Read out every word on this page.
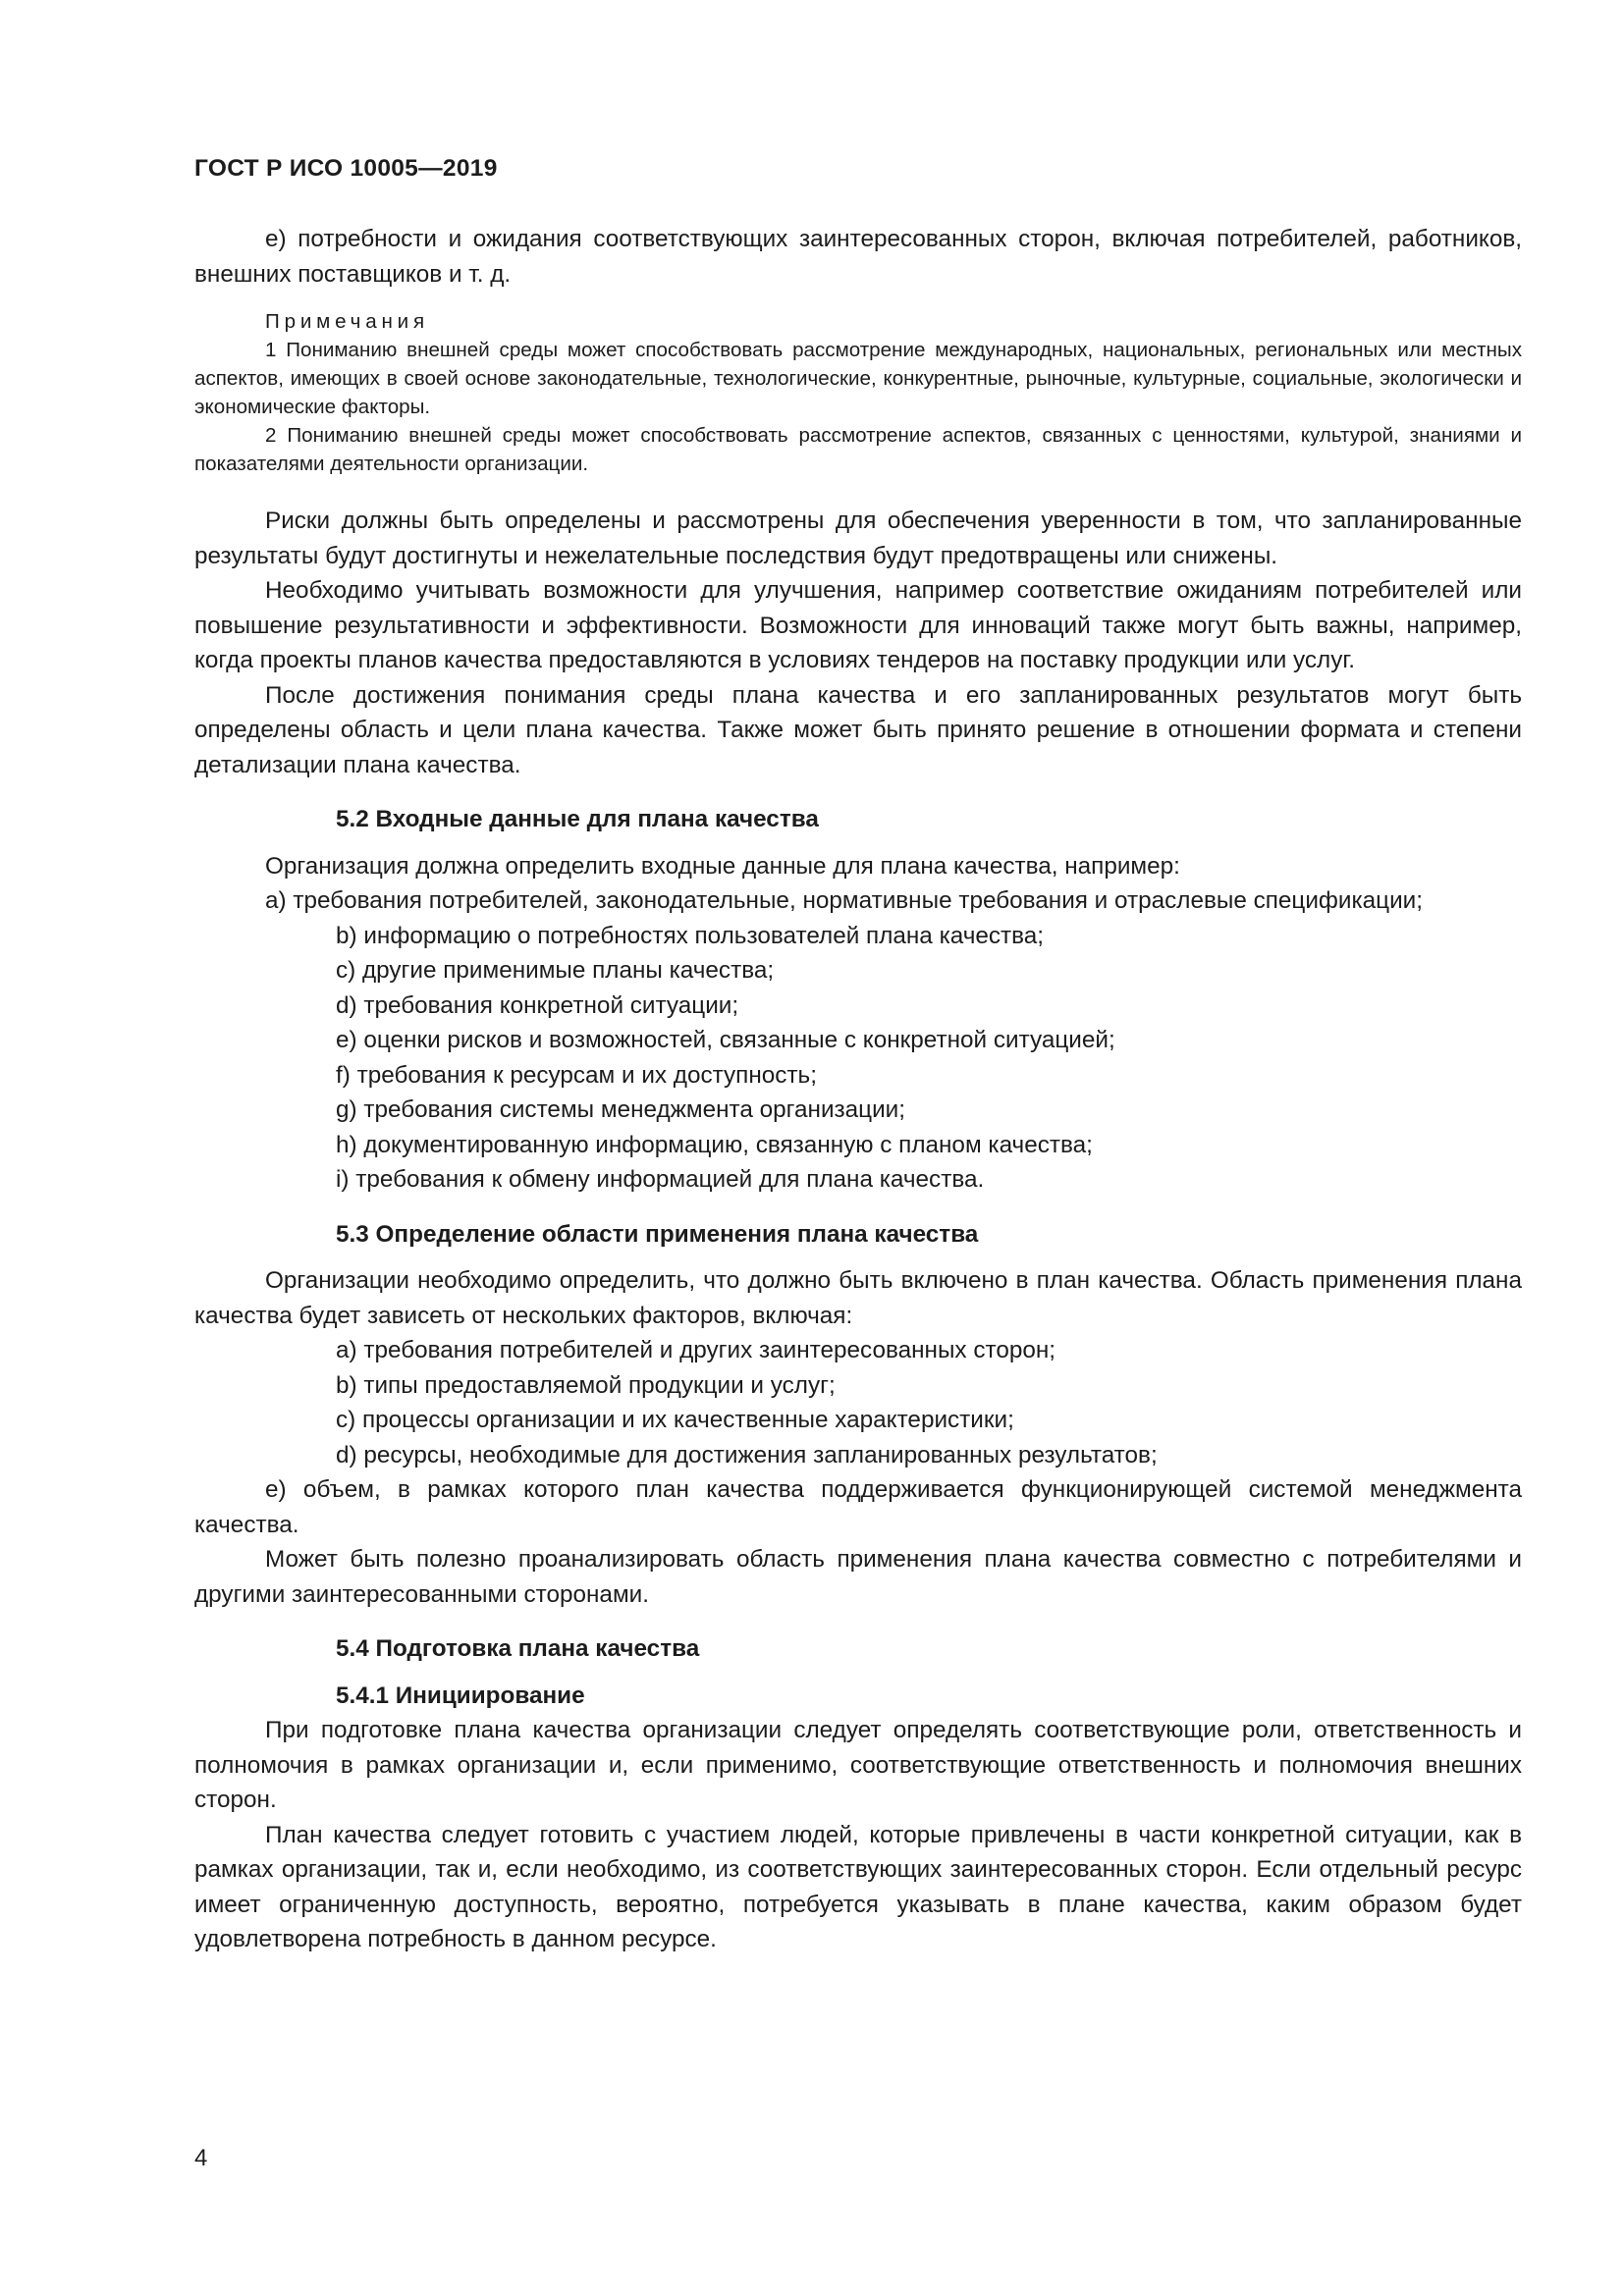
ГОСТ Р ИСО 10005—2019

e) потребности и ожидания соответствующих заинтересованных сторон, включая потребителей, работников, внешних поставщиков и т. д.

Примечания

1 Пониманию внешней среды может способствовать рассмотрение международных, национальных, региональных или местных аспектов, имеющих в своей основе законодательные, технологические, конкурентные, рыночные, культурные, социальные, экологически и экономические факторы.

2 Пониманию внешней среды может способствовать рассмотрение аспектов, связанных с ценностями, культурой, знаниями и показателями деятельности организации.

Риски должны быть определены и рассмотрены для обеспечения уверенности в том, что запланированные результаты будут достигнуты и нежелательные последствия будут предотвращены или снижены.

Необходимо учитывать возможности для улучшения, например соответствие ожиданиям потребителей или повышение результативности и эффективности. Возможности для инноваций также могут быть важны, например, когда проекты планов качества предоставляются в условиях тендеров на поставку продукции или услуг.

После достижения понимания среды плана качества и его запланированных результатов могут быть определены область и цели плана качества. Также может быть принято решение в отношении формата и степени детализации плана качества.

5.2 Входные данные для плана качества

Организация должна определить входные данные для плана качества, например:

a) требования потребителей, законодательные, нормативные требования и отраслевые спецификации;

b) информацию о потребностях пользователей плана качества;

c) другие применимые планы качества;

d) требования конкретной ситуации;

e) оценки рисков и возможностей, связанные с конкретной ситуацией;

f) требования к ресурсам и их доступность;

g) требования системы менеджмента организации;

h) документированную информацию, связанную с планом качества;

i) требования к обмену информацией для плана качества.

5.3 Определение области применения плана качества

Организации необходимо определить, что должно быть включено в план качества. Область применения плана качества будет зависеть от нескольких факторов, включая:

a) требования потребителей и других заинтересованных сторон;

b) типы предоставляемой продукции и услуг;

c) процессы организации и их качественные характеристики;

d) ресурсы, необходимые для достижения запланированных результатов;

e) объем, в рамках которого план качества поддерживается функционирующей системой менеджмента качества.

Может быть полезно проанализировать область применения плана качества совместно с потребителями и другими заинтересованными сторонами.

5.4 Подготовка плана качества

5.4.1 Инициирование

При подготовке плана качества организации следует определять соответствующие роли, ответственность и полномочия в рамках организации и, если применимо, соответствующие ответственность и полномочия внешних сторон.

План качества следует готовить с участием людей, которые привлечены в части конкретной ситуации, как в рамках организации, так и, если необходимо, из соответствующих заинтересованных сторон. Если отдельный ресурс имеет ограниченную доступность, вероятно, потребуется указывать в плане качества, каким образом будет удовлетворена потребность в данном ресурсе.

4
